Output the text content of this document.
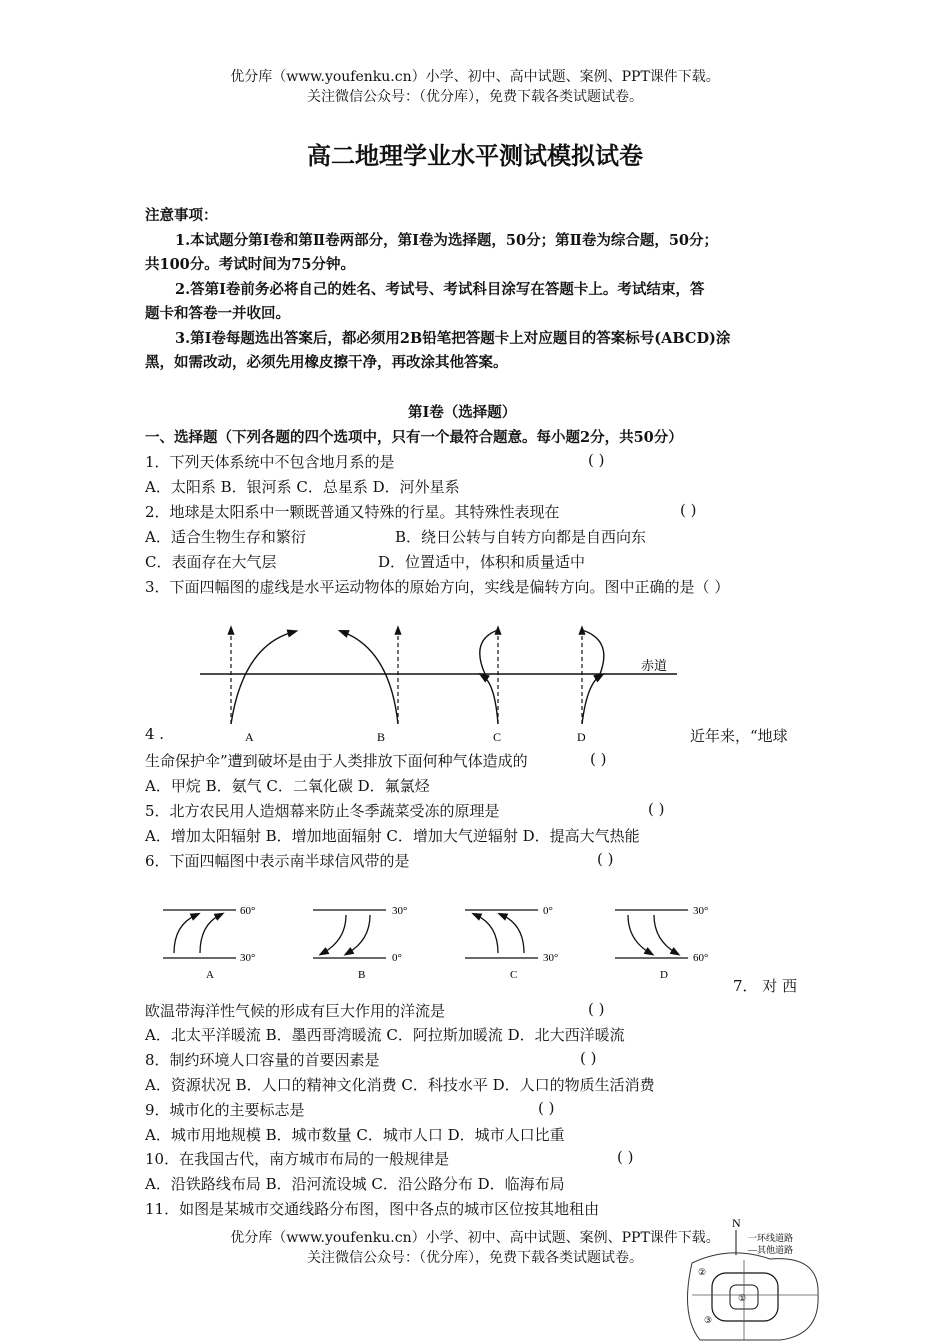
优分库（www.youfenku.cn）小学、初中、高中试题、案例、PPT课件下载。
关注微信公众号：（优分库），免费下载各类试题试卷。
高二地理学业水平测试模拟试卷
注意事项：
1.本试题分第Ⅰ卷和第Ⅱ卷两部分，第Ⅰ卷为选择题，50分；第Ⅱ卷为综合题，50分；
共100分。考试时间为75分钟。
2.答第Ⅰ卷前务必将自己的姓名、考试号、考试科目涂写在答题卡上。考试结束，答
题卡和答卷一并收回。
3.第Ⅰ卷每题选出答案后，都必须用2B铅笔把答题卡上对应题目的答案标号(ABCD)涂
黑，如需改动，必须先用橡皮擦干净，再改涂其他答案。
第Ⅰ卷（选择题）
一、选择题（下列各题的四个选项中，只有一个最符合题意。每小题2分，共50分）
1．下列天体系统中不包含地月系的是	( )
A．太阳系 B．银河系 C．总星系 D．河外星系
2．地球是太阳系中一颗既普通又特殊的行星。其特殊性表现在	( )
A．适合生物生存和繁衍	B．绕日公转与自转方向都是自西向东
C．表面存在大气层	D．位置适中，体积和质量适中
3．下面四幅图的虚线是水平运动物体的原始方向，实线是偏转方向。图中正确的是（ ）
赤道
A	B	C	D
4 .	近年来，“地球
生命保护伞”遭到破坏是由于人类排放下面何种气体造成的	( )
A．甲烷 B．氨气 C．二氧化碳 D．氟氯烃
5．北方农民用人造烟幕来防止冬季蔬菜受冻的原理是	( )
A．增加太阳辐射 B．增加地面辐射 C．增加大气逆辐射 D．提高大气热能
6．下面四幅图中表示南半球信风带的是	( )
60°
30°
A
30°
0°
B
0°
30°
C
30°
60°
D
7． 对 西
欧温带海洋性气候的形成有巨大作用的洋流是	( )
A．北太平洋暖流 B．墨西哥湾暖流 C．阿拉斯加暖流 D．北大西洋暖流
8．制约环境人口容量的首要因素是	( )
A．资源状况 B．人口的精神文化消费 C．科技水平 D．人口的物质生活消费
9．城市化的主要标志是	( )
A．城市用地规模 B．城市数量 C．城市人口 D．城市人口比重
10．在我国古代，南方城市布局的一般规律是	( )
A．沿铁路线布局 B．沿河流设城 C．沿公路分布 D．临海布局
11．如图是某城市交通线路分布图，图中各点的城市区位按其地租由
N
一环线道路
—其他道路
①
②
③
优分库（www.youfenku.cn）小学、初中、高中试题、案例、PPT课件下载。
关注微信公众号：（优分库），免费下载各类试题试卷。
